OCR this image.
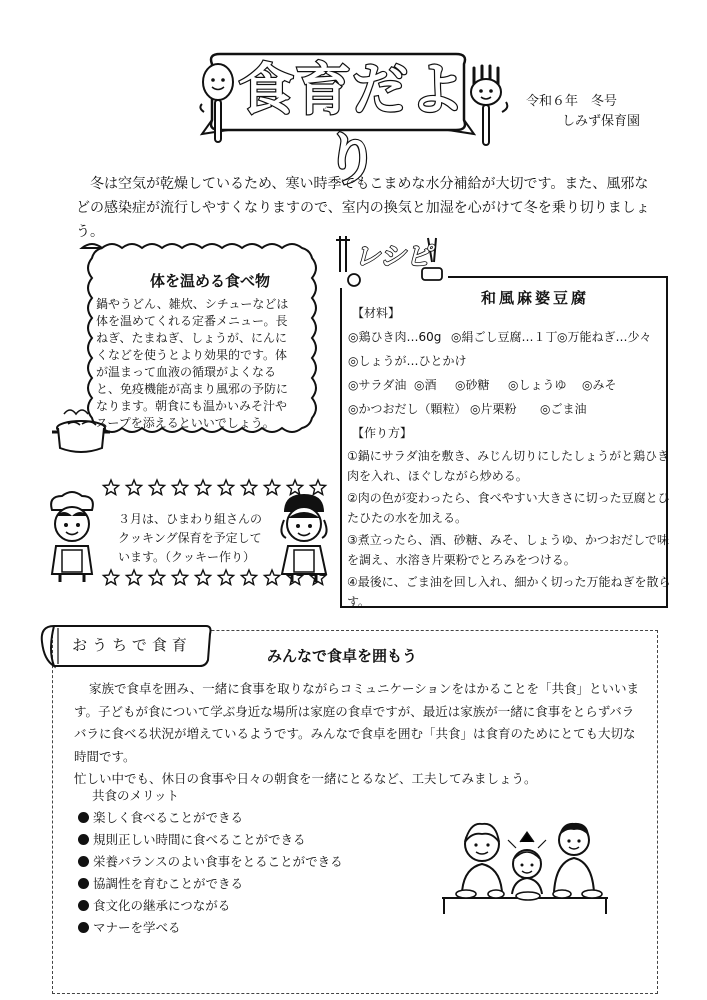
食育だより
令和６年　冬号
しみず保育園
冬は空気が乾燥しているため、寒い時季でもこまめな水分補給が大切です。また、風邪などの感染症が流行しやすくなりますので、室内の換気と加湿を心がけて冬を乗り切りましょう。
体を温める食べ物
鍋やうどん、雑炊、シチューなどは体を温めてくれる定番メニュー。長ねぎ、たまねぎ、しょうが、にんにくなどを使うとより効果的です。体が温まって血液の循環がよくなると、免疫機能が高まり風邪の予防になります。朝食にも温かいみそ汁やスープを添えるといいでしょう。
３月は、ひまわり組さんのクッキング保育を予定しています。（クッキー作り）
レシピ
和風麻婆豆腐
【材料】
◎鶏ひき肉…60g ◎絹ごし豆腐…１丁 ◎万能ねぎ…少々
◎しょうが…ひとかけ
◎サラダ油 ◎酒 ◎砂糖 ◎しょうゆ ◎みそ
◎かつおだし（顆粒） ◎片栗粉 ◎ごま油
【作り方】
①鍋にサラダ油を敷き、みじん切りにしたしょうがと鶏ひき肉を入れ、ほぐしながら炒める。
②肉の色が変わったら、食べやすい大きさに切った豆腐とひたひたの水を加える。
③煮立ったら、酒、砂糖、みそ、しょうゆ、かつおだしで味を調え、水溶き片栗粉でとろみをつける。
④最後に、ごま油を回し入れ、細かく切った万能ねぎを散らす。
おうちで食育
みんなで食卓を囲もう
家族で食卓を囲み、一緒に食事を取りながらコミュニケーションをはかることを「共食」といいます。子どもが食について学ぶ身近な場所は家庭の食卓ですが、最近は家族が一緒に食事をとらずバラバラに食べる状況が増えているようです。みんなで食卓を囲む「共食」は食育のためにとても大切な時間です。
忙しい中でも、休日の食事や日々の朝食を一緒にとるなど、工夫してみましょう。
共食のメリット
楽しく食べることができる
規則正しい時間に食べることができる
栄養バランスのよい食事をとることができる
協調性を育むことができる
食文化の継承につながる
マナーを学べる
